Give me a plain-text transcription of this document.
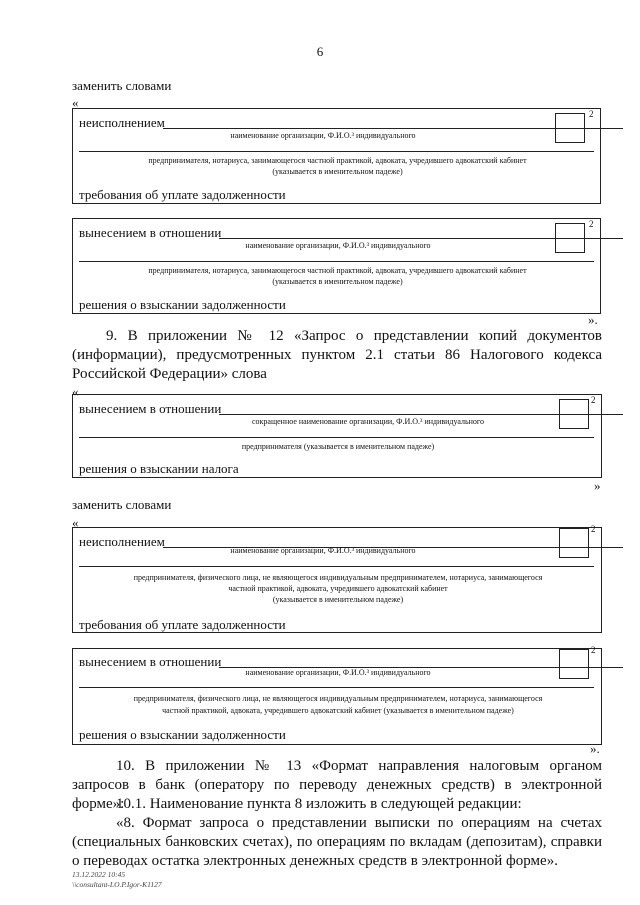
6
заменить словами
«
неисполнением
2
наименование организации, Ф.И.О.³ индивидуального
предпринимателя, нотариуса, занимающегося частной практикой, адвоката, учредившего адвокатский кабинет
(указывается в именительном падеже)
требования об уплате задолженности
вынесением в отношении
2
наименование организации, Ф.И.О.³ индивидуального
предпринимателя, нотариуса, занимающегося частной практикой, адвоката, учредившего адвокатский кабинет
(указывается в именительном падеже)
решения о взыскании задолженности
».
9. В приложении № 12 «Запрос о представлении копий документов (информации), предусмотренных пунктом 2.1 статьи 86 Налогового кодекса Российской Федерации» слова
«
вынесением в отношении
2
сокращенное наименование организации, Ф.И.О.³ индивидуального
предпринимателя (указывается в именительном падеже)
решения о взыскании налога
»
заменить словами
«
неисполнением
2
наименование организации, Ф.И.О.³ индивидуального
предпринимателя, физического лица, не являющегося индивидуальным предпринимателем, нотариуса, занимающегося
частной практикой, адвоката, учредившего адвокатский кабинет
(указывается в именительном падеже)
требования об уплате задолженности
вынесением в отношении
2
наименование организации, Ф.И.О.³ индивидуального
предпринимателя, физического лица, не являющегося индивидуальным предпринимателем, нотариуса, занимающегося
частной практикой, адвоката, учредившего адвокатский кабинет (указывается в именительном падеже)
решения о взыскании задолженности
».
10. В приложении № 13 «Формат направления налоговым органом запросов в банк (оператору по переводу денежных средств) в электронной форме»:
10.1. Наименование пункта 8 изложить в следующей редакции:
«8. Формат запроса о представлении выписки по операциям на счетах (специальных банковских счетах), по операциям по вкладам (депозитам), справки о переводах остатка электронных денежных средств в электронной форме».
13.12.2022 10:45
\\consultant-LO.P.Igor-K1127
